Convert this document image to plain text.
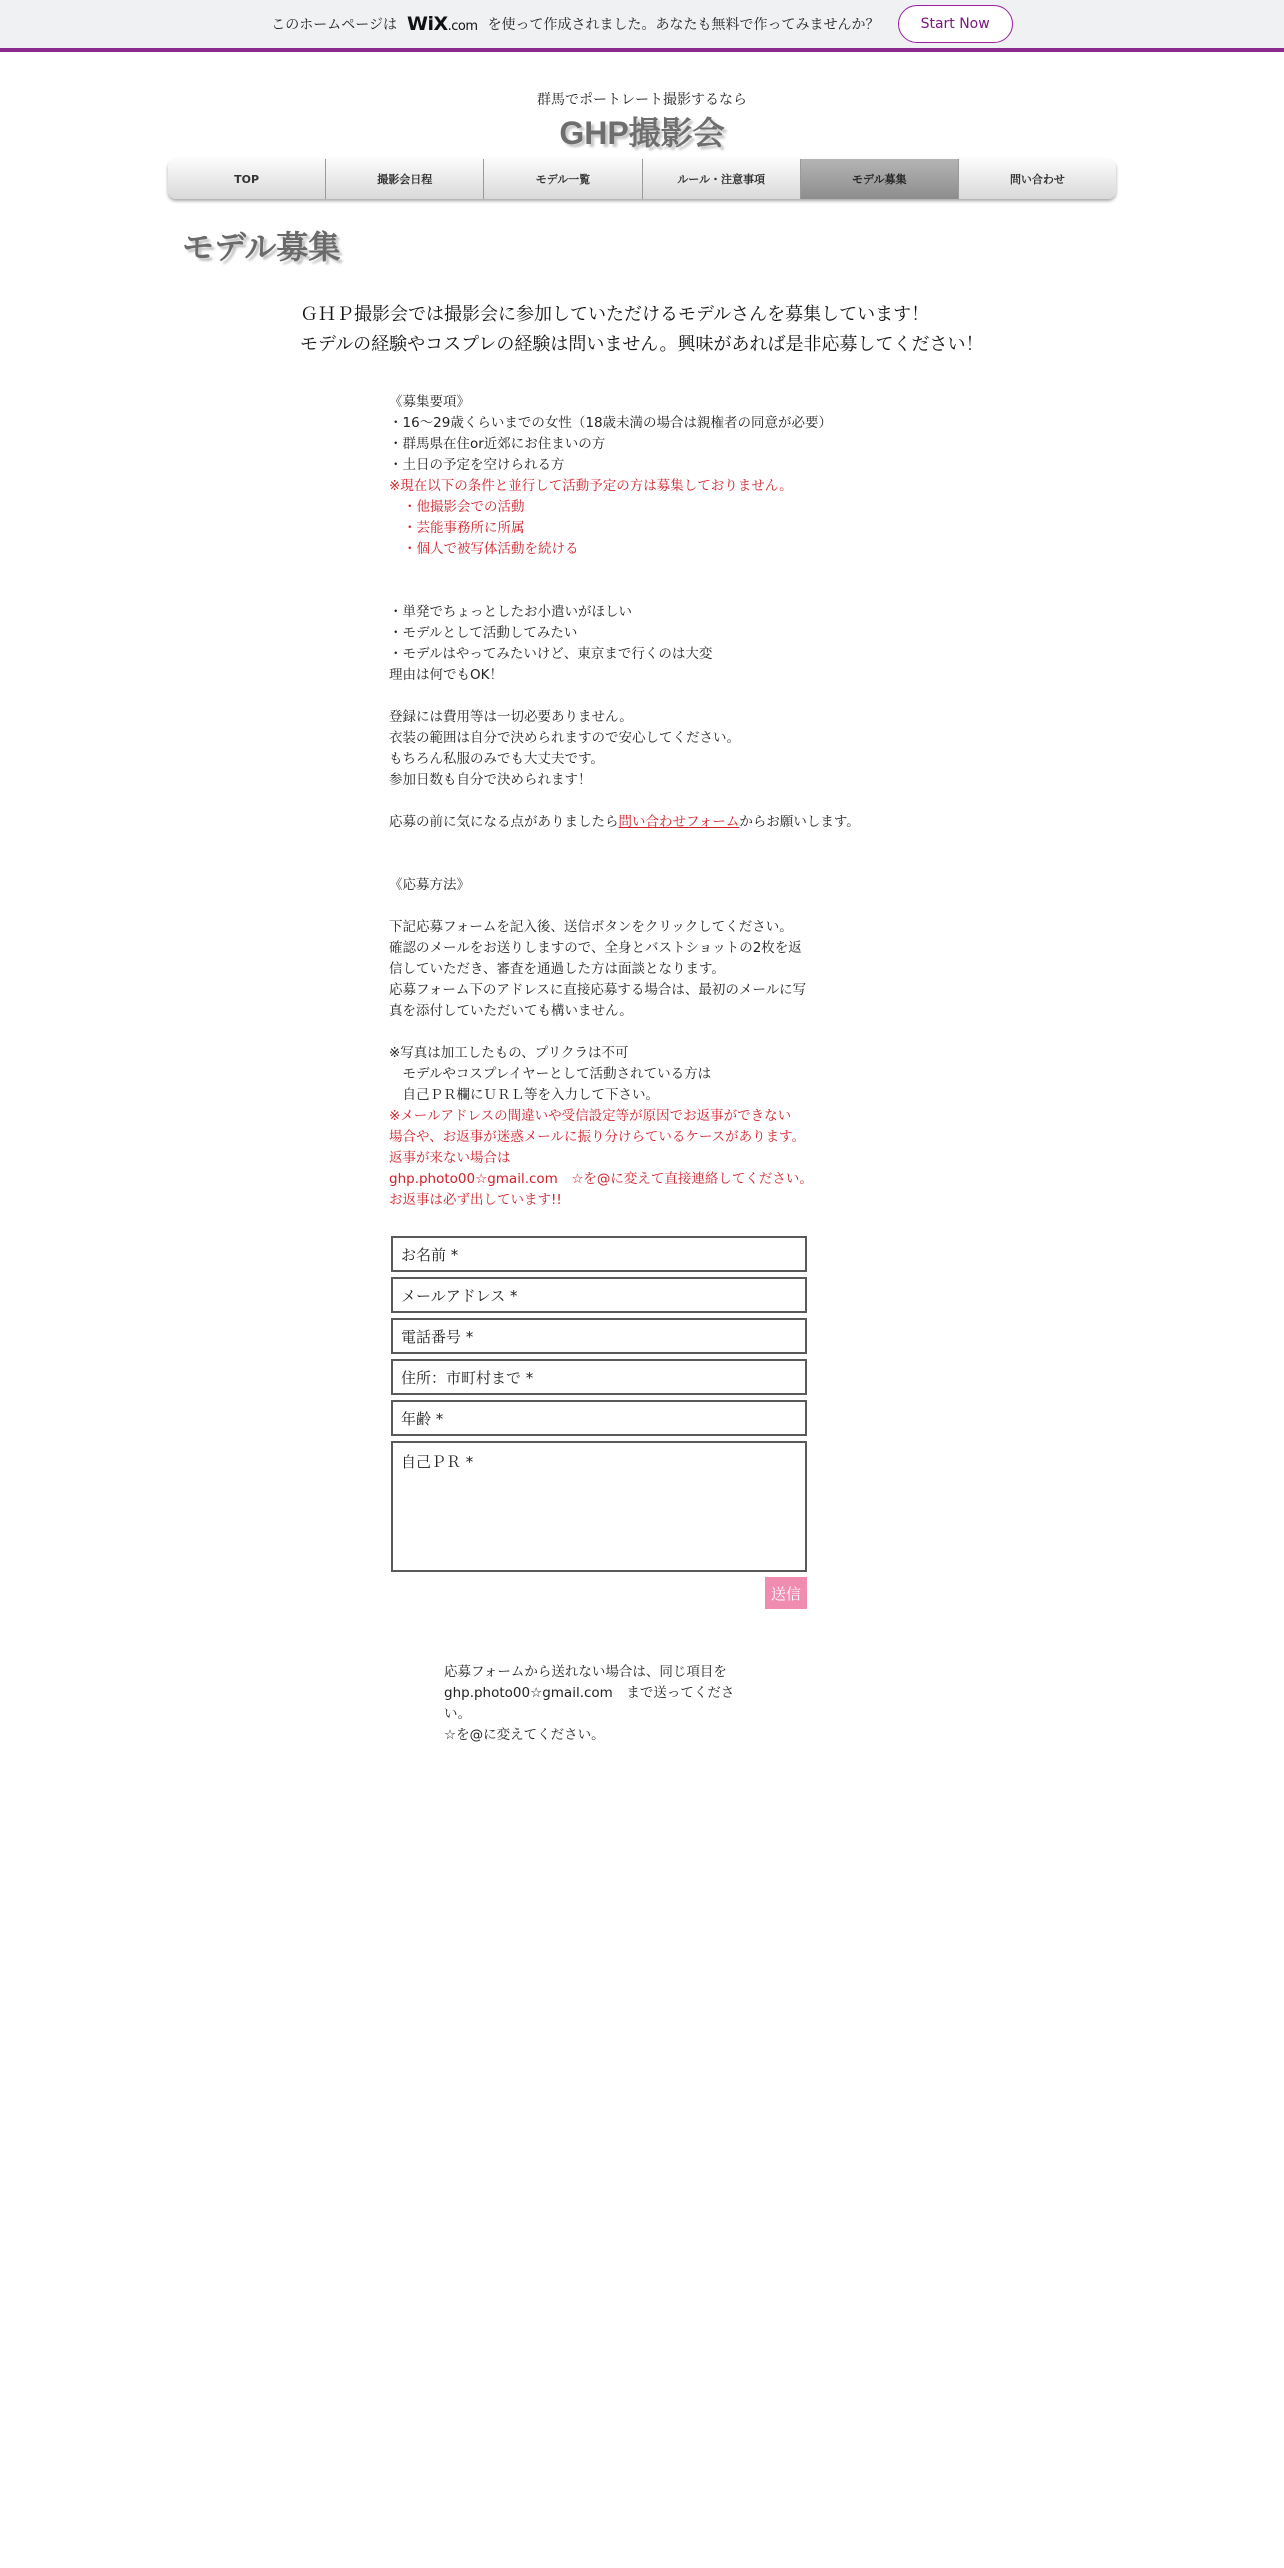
このホームページは WiX.com を使って作成されました。あなたも無料で作ってみませんか？	Start Now
群馬でポートレート撮影するなら
GHP撮影会
TOP	撮影会日程	モデル一覧	ルール・注意事項	モデル募集	問い合わせ
モデル募集
ＧＨＰ撮影会では撮影会に参加していただけるモデルさんを募集しています！
モデルの経験やコスプレの経験は問いません。興味があれば是非応募してください！

《募集要項》

・16～29歳くらいまでの女性（18歳未満の場合は親権者の同意が必要）

・群馬県在住or近郊にお住まいの方

・土日の予定を空けられる方

※現在以下の条件と並行して活動予定の方は募集しておりません。

・他撮影会での活動

・芸能事務所に所属

・個人で被写体活動を続ける

・単発でちょっとしたお小遣いがほしい

・モデルとして活動してみたい

・モデルはやってみたいけど、東京まで行くのは大変

理由は何でもOK！

登録には費用等は一切必要ありません。

衣装の範囲は自分で決められますので安心してください。

もちろん私服のみでも大丈夫です。

参加日数も自分で決められます！

応募の前に気になる点がありましたら問い合わせフォームからお願いします。

《応募方法》

下記応募フォームを記入後、送信ボタンをクリックしてください。

確認のメールをお送りしますので、全身とバストショットの2枚を返

信していただき、審査を通過した方は面談となります。

応募フォーム下のアドレスに直接応募する場合は、最初のメールに写

真を添付していただいても構いません。

※写真は加工したもの、プリクラは不可

　モデルやコスプレイヤーとして活動されている方は

　自己ＰＲ欄にＵＲＬ等を入力して下さい。

※メールアドレスの間違いや受信設定等が原因でお返事ができない

場合や、お返事が迷惑メールに振り分けらているケースがあります。

返事が来ない場合は

ghp.photo00☆gmail.com　☆を@に変えて直接連絡してください。

お返事は必ず出しています!!

お名前 *
メールアドレス *
電話番号 *
住所：市町村まで *
年齢 *
自己ＰＲ *
送信

応募フォームから送れない場合は、同じ項目を

ghp.photo00☆gmail.com　まで送ってくださ

い。

☆を@に変えてください。
